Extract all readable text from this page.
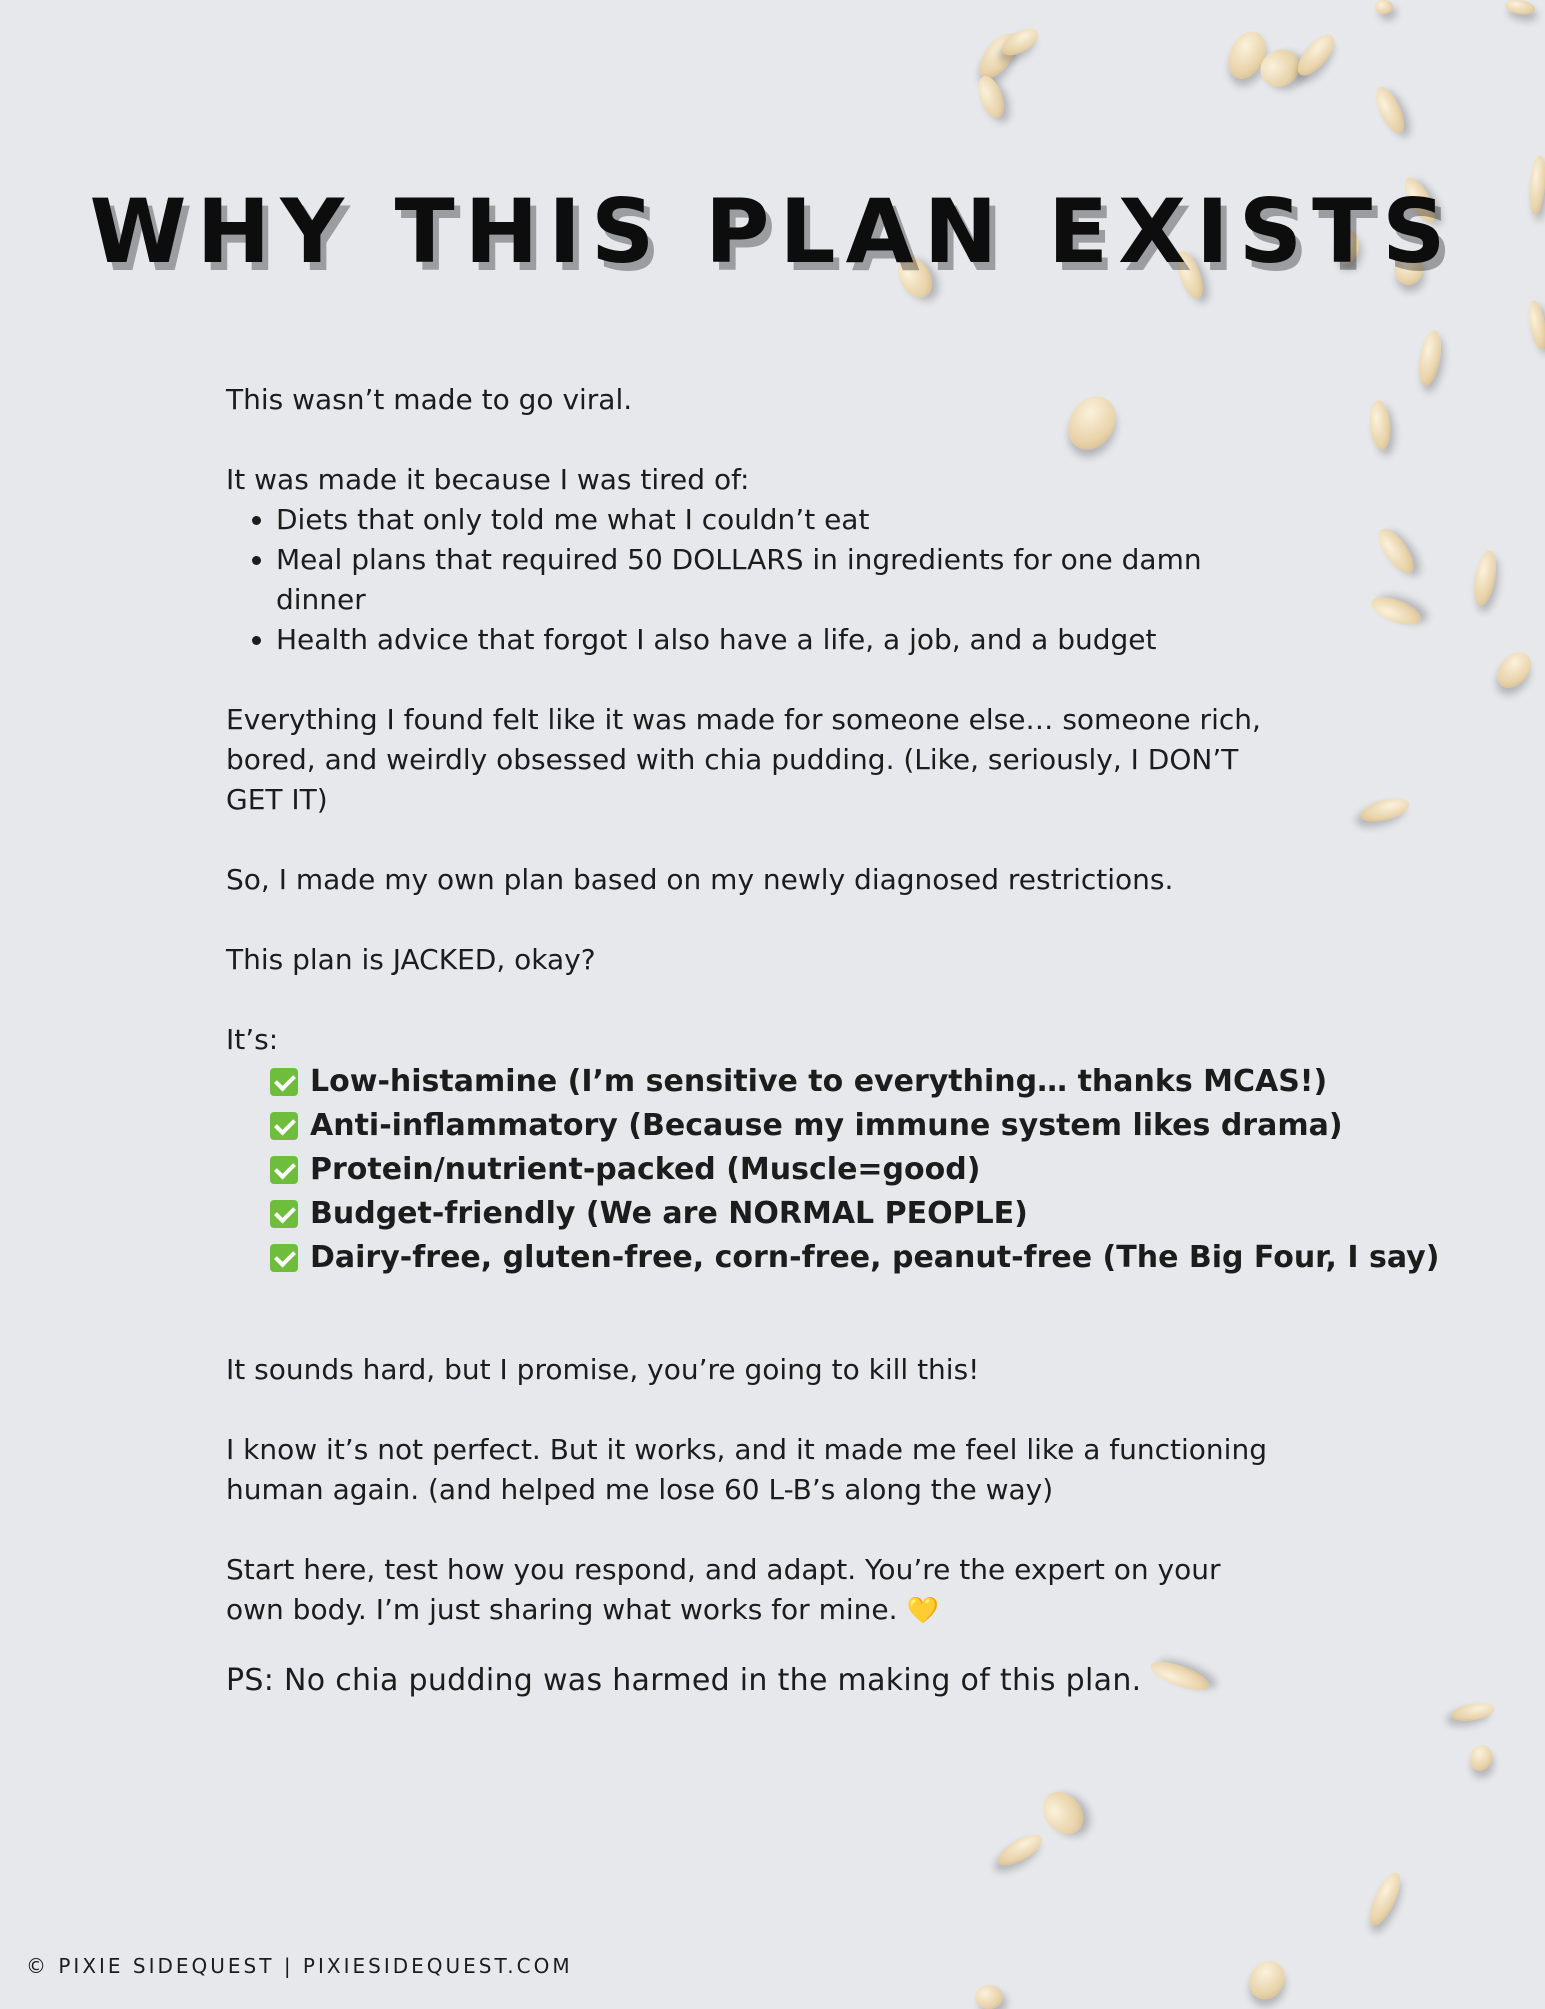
WHY THIS PLAN EXISTS

This wasn’t made to go viral.

It was made it because I was tired of:

• Diets that only told me what I couldn’t eat
• Meal plans that required 50 DOLLARS in ingredients for one damn dinner
• Health advice that forgot I also have a life, a job, and a budget

Everything I found felt like it was made for someone else… someone rich, bored, and weirdly obsessed with chia pudding. (Like, seriously, I DON’T GET IT)

So, I made my own plan based on my newly diagnosed restrictions.

This plan is JACKED, okay?

It’s:

Low-histamine (I’m sensitive to everything… thanks MCAS!)
Anti-inflammatory (Because my immune system likes drama)
Protein/nutrient-packed (Muscle=good)
Budget-friendly (We are NORMAL PEOPLE)
Dairy-free, gluten-free, corn-free, peanut-free (The Big Four, I say)

It sounds hard, but I promise, you’re going to kill this!

I know it’s not perfect. But it works, and it made me feel like a functioning human again. (and helped me lose 60 L-B’s along the way)

Start here, test how you respond, and adapt. You’re the expert on your own body. I’m just sharing what works for mine. 💛

PS: No chia pudding was harmed in the making of this plan.

© PIXIE SIDEQUEST | PIXIESIDEQUEST.COM
